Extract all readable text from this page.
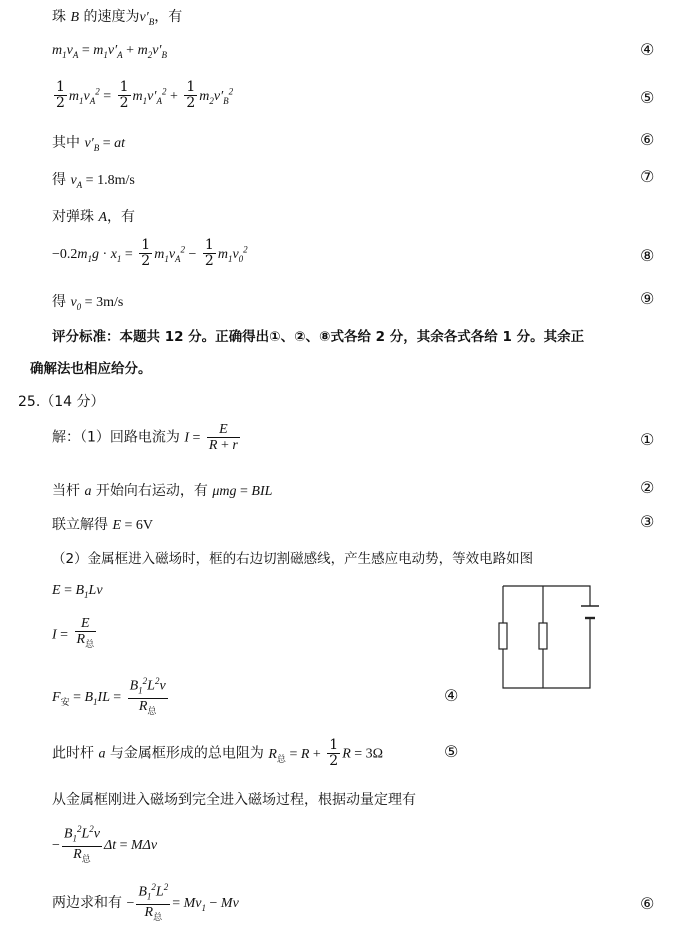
珠 B 的速度为$v'_B$，有
$m_1v_A = m_1v'_A + m_2v'_B$	④
$\frac{1}{2} m_1v_A^2 = \frac{1}{2} m_1v'_A^2 + \frac{1}{2} m_2v'_B^2$	⑤
其中 $v'_B$ = at	⑥
得 $v_A = 1.8m/s$	⑦
对弹珠 A，有
$-0.2m_1g \cdot x_1 = \frac{1}{2} m_1v_A^2 - \frac{1}{2} m_1v_0^2$	⑧
得 $v_0 = 3m/s$	⑨
评分标准：本题共 12 分。正确得出①、②、⑧式各给 2 分，其余各式各给 1 分。其余正
确解法也相应给分。
25.（14 分）
解：（1）回路电流为 $I = \frac{E}{R + r}$	①
当杆 a 开始向右运动，有 μmg = BIL	②
联立解得 E = 6V	③
（2）金属框进入磁场时，框的右边切割磁感线，产生感应电动势，等效电路如图
$E = B_1Lv$
$I = \frac{E}{R_总}$
$F_安 = B_1IL = \frac{B_1^2L^2v}{R_总}$	④
此时杆 a 与金属框形成的总电阻为 $R_总 = R + \frac{1}{2}$ R = 3Ω	⑤
从金属框刚进入磁场到完全进入磁场过程，根据动量定理有
− $\frac{B_1^2L^2v}{R_总}$ Δt = MΔv
两边求和有 − $\frac{B_1^2L^2}{R_总} = Mv_1 - Mv$	⑥
